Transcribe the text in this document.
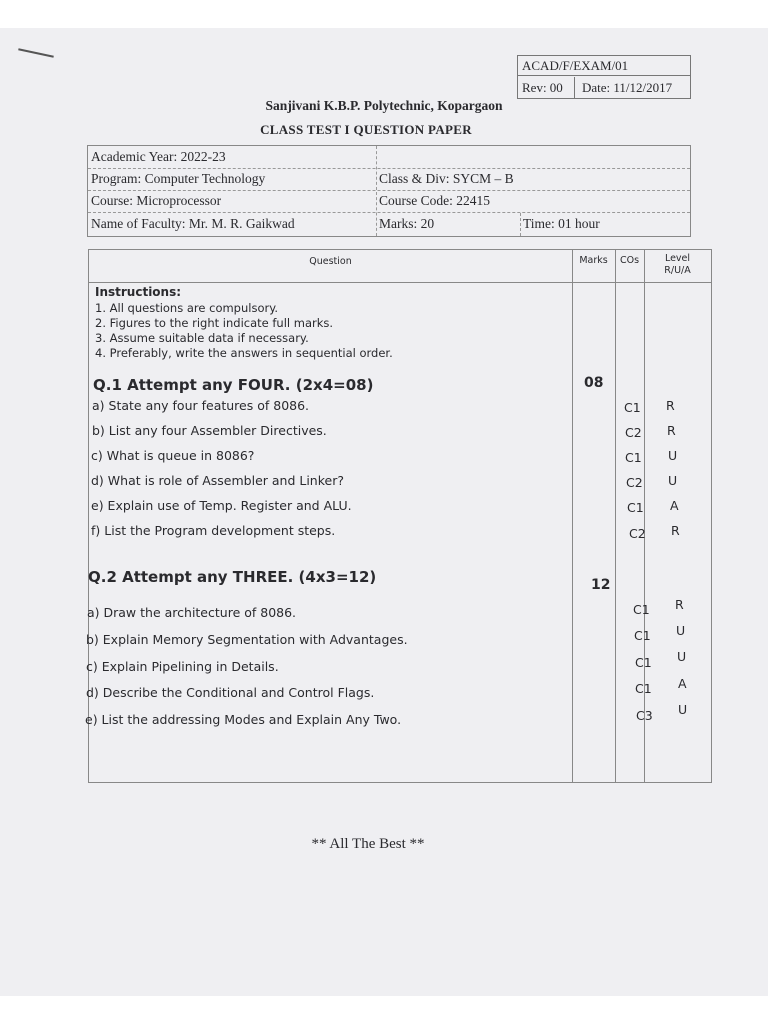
ACAD/F/EXAM/01
Rev: 00	Date: 11/12/2017
Sanjivani K.B.P. Polytechnic, Kopargaon
CLASS TEST I QUESTION PAPER
Academic Year: 2022-23
Program: Computer Technology	Class & Div: SYCM – B
Course: Microprocessor	Course Code: 22415
Name of Faculty: Mr. M. R. Gaikwad	Marks: 20	Time: 01 hour
Question	Marks	COs	Level
R/U/A
Instructions:
1. All questions are compulsory.
2. Figures to the right indicate full marks.
3. Assume suitable data if necessary.
4. Preferably, write the answers in sequential order.
Q.1 Attempt any FOUR. (2x4=08)	08
a) State any four features of 8086.	C1 R
b) List any four Assembler Directives.	C2 R
c) What is queue in 8086?	C1 U
d) What is role of Assembler and Linker?	C2 U
e) Explain use of Temp. Register and ALU.	C1 A
f) List the Program development steps.	C2 R
Q.2 Attempt any THREE. (4x3=12)	12
a) Draw the architecture of 8086.	C1 R
b) Explain Memory Segmentation with Advantages.	C1 U
c) Explain Pipelining in Details.	C1 U
d) Describe the Conditional and Control Flags.	C1 A
e) List the addressing Modes and Explain Any Two.	C3 U
** All The Best **
